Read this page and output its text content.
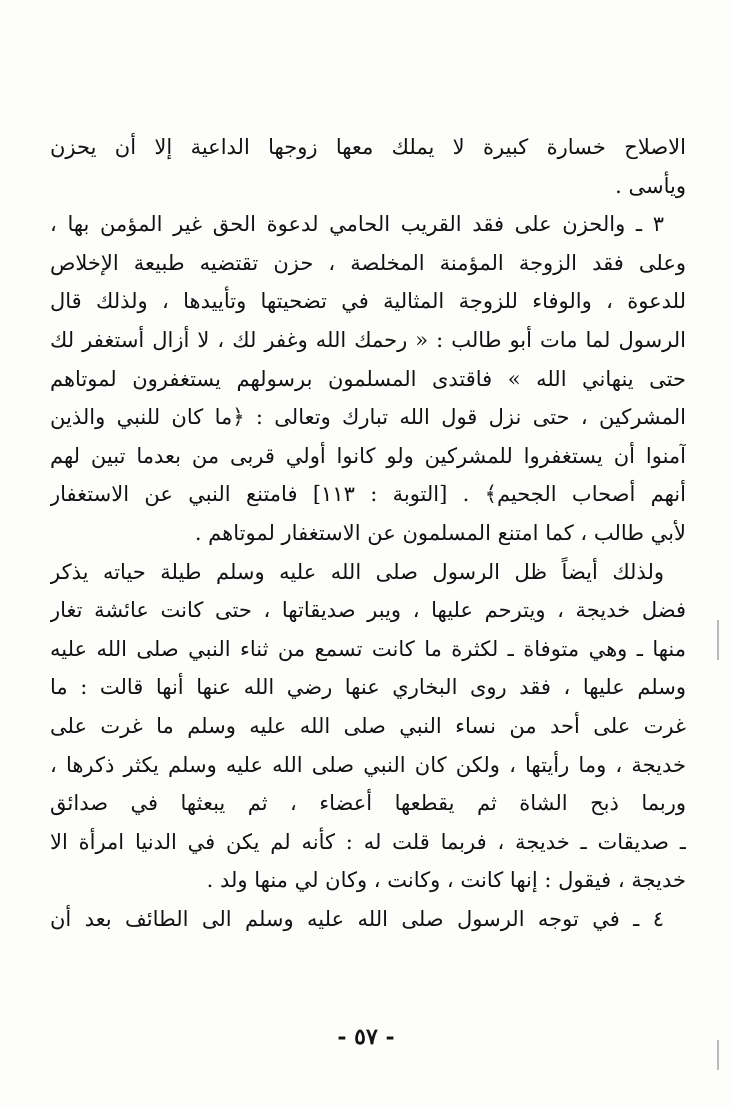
الاصلاح خسارة كبيرة لا يملك معها زوجها الداعية إلا أن يحزن
ويأسى .
٣ ـ والحزن على فقد القريب الحامي لدعوة الحق غير المؤمن بها ،
وعلى فقد الزوجة المؤمنة المخلصة ، حزن تقتضيه طبيعة الإخلاص
للدعوة ، والوفاء للزوجة المثالية في تضحيتها وتأييدها ، ولذلك قال
الرسول لما مات أبو طالب : « رحمك الله وغفر لك ، لا أزال أستغفر لك
حتى ينهاني الله » فاقتدى المسلمون برسولهم يستغفرون لموتاهم
المشركين ، حتى نزل قول الله تبارك وتعالى : ﴿ما كان للنبي والذين
آمنوا أن يستغفروا للمشركين ولو كانوا أولي قربى من بعدما تبين لهم
أنهم أصحاب الجحيم﴾ . [التوبة : ١١٣] فامتنع النبي عن الاستغفار
لأبي طالب ، كما امتنع المسلمون عن الاستغفار لموتاهم .
ولذلك أيضاً ظل الرسول صلى الله عليه وسلم طيلة حياته يذكر
فضل خديجة ، ويترحم عليها ، ويبر صديقاتها ، حتى كانت عائشة تغار
منها ـ وهي متوفاة ـ لكثرة ما كانت تسمع من ثناء النبي صلى الله عليه
وسلم عليها ، فقد روى البخاري عنها رضي الله عنها أنها قالت : ما
غرت على أحد من نساء النبي صلى الله عليه وسلم ما غرت على
خديجة ، وما رأيتها ، ولكن كان النبي صلى الله عليه وسلم يكثر ذكرها ،
وربما ذبح الشاة ثم يقطعها أعضاء ، ثم يبعثها في صدائق
ـ صديقات ـ خديجة ، فربما قلت له : كأنه لم يكن في الدنيا امرأة الا
خديجة ، فيقول : إنها كانت ، وكانت ، وكان لي منها ولد .
٤ ـ في توجه الرسول صلى الله عليه وسلم الى الطائف بعد أن
- ٥٧ -
